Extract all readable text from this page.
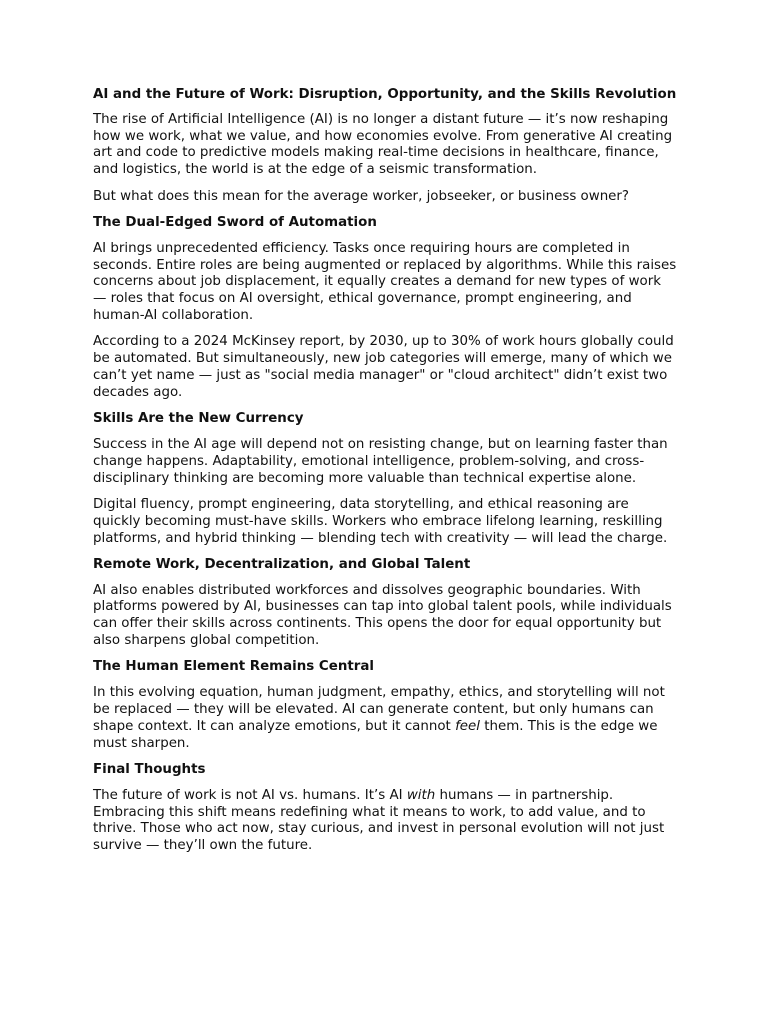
AI and the Future of Work: Disruption, Opportunity, and the Skills Revolution

The rise of Artificial Intelligence (AI) is no longer a distant future — it’s now reshaping how we work, what we value, and how economies evolve. From generative AI creating art and code to predictive models making real-time decisions in healthcare, finance, and logistics, the world is at the edge of a seismic transformation.

But what does this mean for the average worker, jobseeker, or business owner?

The Dual-Edged Sword of Automation

AI brings unprecedented efficiency. Tasks once requiring hours are completed in seconds. Entire roles are being augmented or replaced by algorithms. While this raises concerns about job displacement, it equally creates a demand for new types of work — roles that focus on AI oversight, ethical governance, prompt engineering, and human-AI collaboration.

According to a 2024 McKinsey report, by 2030, up to 30% of work hours globally could be automated. But simultaneously, new job categories will emerge, many of which we can’t yet name — just as "social media manager" or "cloud architect" didn’t exist two decades ago.

Skills Are the New Currency

Success in the AI age will depend not on resisting change, but on learning faster than change happens. Adaptability, emotional intelligence, problem-solving, and cross-disciplinary thinking are becoming more valuable than technical expertise alone.

Digital fluency, prompt engineering, data storytelling, and ethical reasoning are quickly becoming must-have skills. Workers who embrace lifelong learning, reskilling platforms, and hybrid thinking — blending tech with creativity — will lead the charge.

Remote Work, Decentralization, and Global Talent

AI also enables distributed workforces and dissolves geographic boundaries. With platforms powered by AI, businesses can tap into global talent pools, while individuals can offer their skills across continents. This opens the door for equal opportunity but also sharpens global competition.

The Human Element Remains Central

In this evolving equation, human judgment, empathy, ethics, and storytelling will not be replaced — they will be elevated. AI can generate content, but only humans can shape context. It can analyze emotions, but it cannot feel them. This is the edge we must sharpen.

Final Thoughts

The future of work is not AI vs. humans. It’s AI with humans — in partnership. Embracing this shift means redefining what it means to work, to add value, and to thrive. Those who act now, stay curious, and invest in personal evolution will not just survive — they’ll own the future.
